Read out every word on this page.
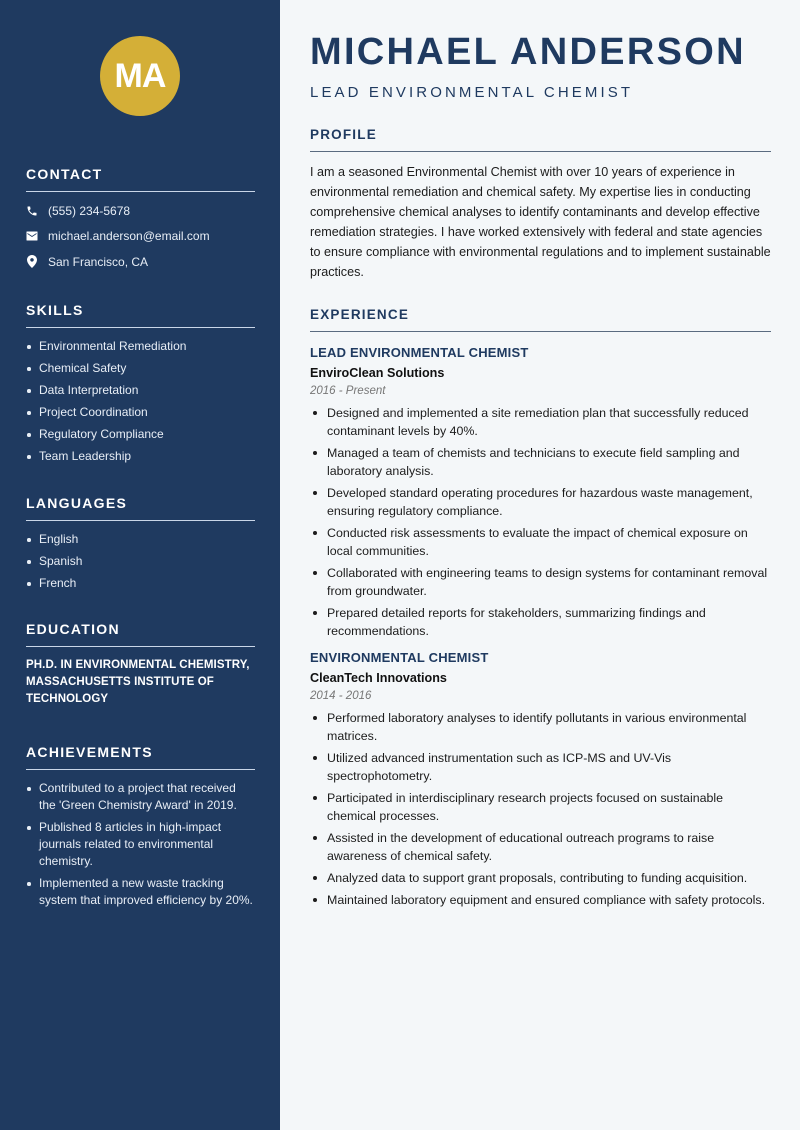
MA
CONTACT
(555) 234-5678
michael.anderson@email.com
San Francisco, CA
SKILLS
Environmental Remediation
Chemical Safety
Data Interpretation
Project Coordination
Regulatory Compliance
Team Leadership
LANGUAGES
English
Spanish
French
EDUCATION
PH.D. IN ENVIRONMENTAL CHEMISTRY, MASSACHUSETTS INSTITUTE OF TECHNOLOGY
ACHIEVEMENTS
Contributed to a project that received the 'Green Chemistry Award' in 2019.
Published 8 articles in high-impact journals related to environmental chemistry.
Implemented a new waste tracking system that improved efficiency by 20%.
MICHAEL ANDERSON
LEAD ENVIRONMENTAL CHEMIST
PROFILE

I am a seasoned Environmental Chemist with over 10 years of experience in environmental remediation and chemical safety. My expertise lies in conducting comprehensive chemical analyses to identify contaminants and develop effective remediation strategies. I have worked extensively with federal and state agencies to ensure compliance with environmental regulations and to implement sustainable practices.

EXPERIENCE
LEAD ENVIRONMENTAL CHEMIST
EnviroClean Solutions
2016 - Present
Designed and implemented a site remediation plan that successfully reduced contaminant levels by 40%.
Managed a team of chemists and technicians to execute field sampling and laboratory analysis.
Developed standard operating procedures for hazardous waste management, ensuring regulatory compliance.
Conducted risk assessments to evaluate the impact of chemical exposure on local communities.
Collaborated with engineering teams to design systems for contaminant removal from groundwater.
Prepared detailed reports for stakeholders, summarizing findings and recommendations.
ENVIRONMENTAL CHEMIST
CleanTech Innovations
2014 - 2016
Performed laboratory analyses to identify pollutants in various environmental matrices.
Utilized advanced instrumentation such as ICP-MS and UV-Vis spectrophotometry.
Participated in interdisciplinary research projects focused on sustainable chemical processes.
Assisted in the development of educational outreach programs to raise awareness of chemical safety.
Analyzed data to support grant proposals, contributing to funding acquisition.
Maintained laboratory equipment and ensured compliance with safety protocols.
